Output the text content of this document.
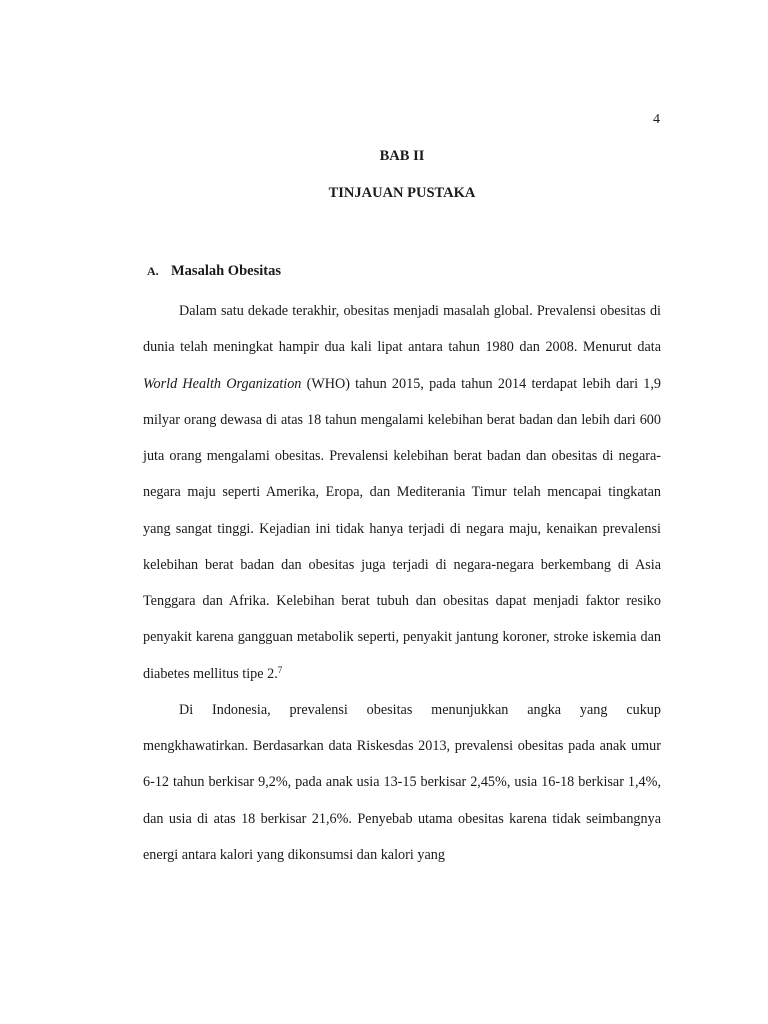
4
BAB II
TINJAUAN PUSTAKA
A. Masalah Obesitas

Dalam satu dekade terakhir, obesitas menjadi masalah global. Prevalensi obesitas di dunia telah meningkat hampir dua kali lipat antara tahun 1980 dan 2008. Menurut data World Health Organization (WHO) tahun 2015, pada tahun 2014 terdapat lebih dari 1,9 milyar orang dewasa di atas 18 tahun mengalami kelebihan berat badan dan lebih dari 600 juta orang mengalami obesitas. Prevalensi kelebihan berat badan dan obesitas di negara-negara maju seperti Amerika, Eropa, dan Mediterania Timur telah mencapai tingkatan yang sangat tinggi. Kejadian ini tidak hanya terjadi di negara maju, kenaikan prevalensi kelebihan berat badan dan obesitas juga terjadi di negara-negara berkembang di Asia Tenggara dan Afrika. Kelebihan berat tubuh dan obesitas dapat menjadi faktor resiko penyakit karena gangguan metabolik seperti, penyakit jantung koroner, stroke iskemia dan diabetes mellitus tipe 2.$^7$

Di Indonesia, prevalensi obesitas menunjukkan angka yang cukup mengkhawatirkan. Berdasarkan data Riskesdas 2013, prevalensi obesitas pada anak umur 6-12 tahun berkisar 9,2%, pada anak usia 13-15 berkisar 2,45%, usia 16-18 berkisar 1,4%, dan usia di atas 18 berkisar 21,6%. Penyebab utama obesitas karena tidak seimbangnya energi antara kalori yang dikonsumsi dan kalori yang
